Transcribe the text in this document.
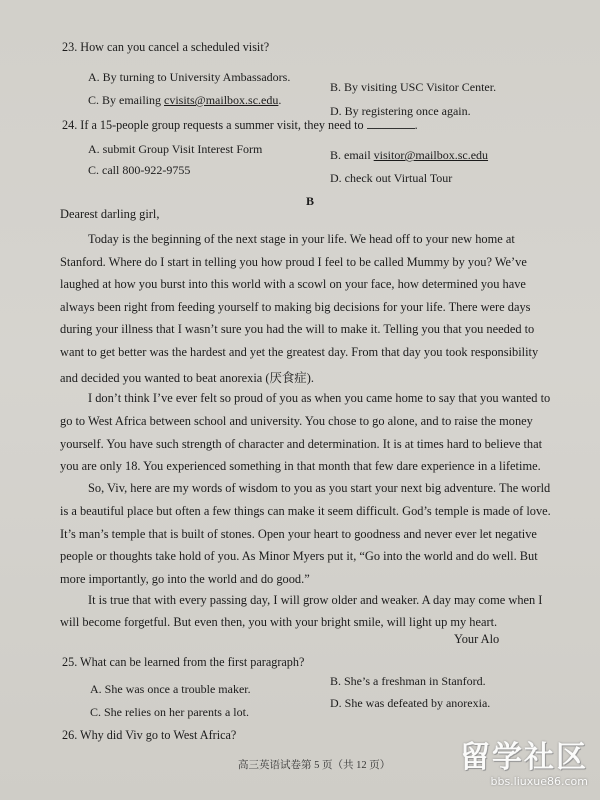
23. How can you cancel a scheduled visit?
A. By turning to University Ambassadors.
B. By visiting USC Visitor Center.
C. By emailing cvisits@mailbox.sc.edu.
D. By registering once again.
24. If a 15-people group requests a summer visit, they need to	.
A. submit Group Visit Interest Form	B. email visitor@mailbox.sc.edu
C. call 800-922-9755
D. check out Virtual Tour
B
Dearest darling girl,
Today is the beginning of the next stage in your life. We head off to your new home at
Stanford. Where do I start in telling you how proud I feel to be called Mummy by you? We’ve
laughed at how you burst into this world with a scowl on your face, how determined you have
always been right from feeding yourself to making big decisions for your life. There were days
during your illness that I wasn’t sure you had the will to make it. Telling you that you needed to
want to get better was the hardest and yet the greatest day. From that day you took responsibility
and decided you wanted to beat anorexia (厌食症).
I don’t think I’ve ever felt so proud of you as when you came home to say that you wanted to
go to West Africa between school and university. You chose to go alone, and to raise the money
yourself. You have such strength of character and determination. It is at times hard to believe that
you are only 18. You experienced something in that month that few dare experience in a lifetime.
So, Viv, here are my words of wisdom to you as you start your next big adventure. The world
is a beautiful place but often a few things can make it seem difficult. God’s temple is made of love.
It’s man’s temple that is built of stones. Open your heart to goodness and never ever let negative
people or thoughts take hold of you. As Minor Myers put it, “Go into the world and do well. But
more importantly, go into the world and do good.”
It is true that with every passing day, I will grow older and weaker. A day may come when I
will become forgetful. But even then, you with your bright smile, will light up my heart.
Your Alo
25. What can be learned from the first paragraph?
A. She was once a trouble maker.
B. She’s a freshman in Stanford.
C. She relies on her parents a lot.
D. She was defeated by anorexia.
26. Why did Viv go to West Africa?
高三英语试卷第 5 页（共 12 页） 留学社区
bbs.liuxue86.com
